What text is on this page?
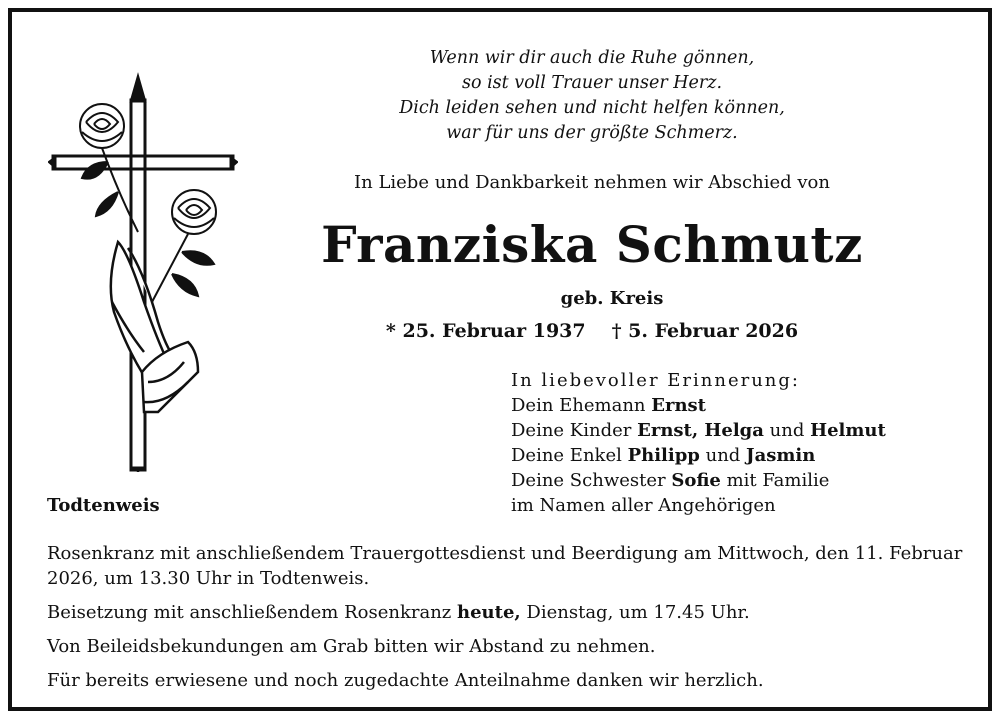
Wenn wir dir auch die Ruhe gönnen,
so ist voll Trauer unser Herz.
Dich leiden sehen und nicht helfen können,
war für uns der größte Schmerz.
In Liebe und Dankbarkeit nehmen wir Abschied von
Franziska Schmutz
geb. Kreis
* 25. Februar 1937 † 5. Februar 2026
In liebevoller Erinnerung:
Dein Ehemann Ernst
Deine Kinder Ernst, Helga und Helmut
Deine Enkel Philipp und Jasmin
Deine Schwester Sofie mit Familie
im Namen aller Angehörigen
Todtenweis

Rosenkranz mit anschließendem Trauergottesdienst und Beerdigung am Mittwoch, den 11. Februar 2026, um 13.30 Uhr in Todtenweis.

Beisetzung mit anschließendem Rosenkranz heute, Dienstag, um 17.45 Uhr.

Von Beileidsbekundungen am Grab bitten wir Abstand zu nehmen.

Für bereits erwiesene und noch zugedachte Anteilnahme danken wir herzlich.
